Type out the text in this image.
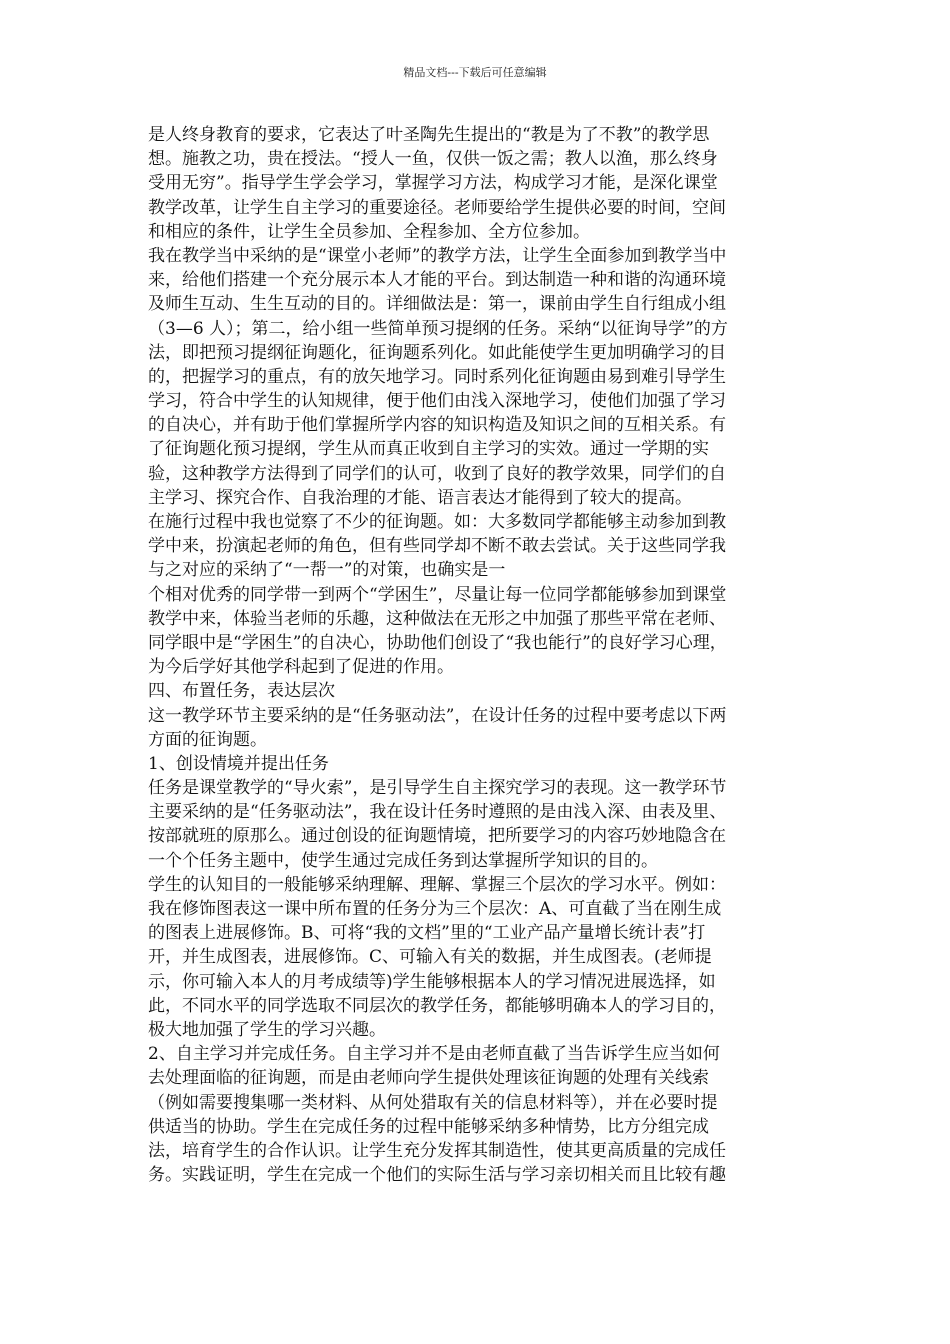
精品文档---下载后可任意编辑
是人终身教育的要求，它表达了叶圣陶先生提出的“教是为了不教”的教学思
想。施教之功，贵在授法。“授人一鱼，仅供一饭之需；教人以渔，那么终身
受用无穷”。指导学生学会学习，掌握学习方法，构成学习才能，是深化课堂
教学改革，让学生自主学习的重要途径。老师要给学生提供必要的时间，空间
和相应的条件，让学生全员参加、全程参加、全方位参加。
我在教学当中采纳的是“课堂小老师”的教学方法，让学生全面参加到教学当中
来，给他们搭建一个充分展示本人才能的平台。到达制造一种和谐的沟通环境
及师生互动、生生互动的目的。详细做法是：第一，课前由学生自行组成小组
（3—6 人）；第二，给小组一些简单预习提纲的任务。采纳“以征询导学”的方
法，即把预习提纲征询题化，征询题系列化。如此能使学生更加明确学习的目
的，把握学习的重点，有的放矢地学习。同时系列化征询题由易到难引导学生
学习，符合中学生的认知规律，便于他们由浅入深地学习，使他们加强了学习
的自决心，并有助于他们掌握所学内容的知识构造及知识之间的互相关系。有
了征询题化预习提纲，学生从而真正收到自主学习的实效。通过一学期的实
验，这种教学方法得到了同学们的认可，收到了良好的教学效果，同学们的自
主学习、探究合作、自我治理的才能、语言表达才能得到了较大的提高。
在施行过程中我也觉察了不少的征询题。如：大多数同学都能够主动参加到教
学中来，扮演起老师的角色，但有些同学却不断不敢去尝试。关于这些同学我
与之对应的采纳了“一帮一”的对策，也确实是一
个相对优秀的同学带一到两个“学困生”，尽量让每一位同学都能够参加到课堂
教学中来，体验当老师的乐趣，这种做法在无形之中加强了那些平常在老师、
同学眼中是“学困生”的自决心，协助他们创设了“我也能行”的良好学习心理，
为今后学好其他学科起到了促进的作用。
四、布置任务，表达层次
这一教学环节主要采纳的是“任务驱动法”，在设计任务的过程中要考虑以下两
方面的征询题。
1、创设情境并提出任务
任务是课堂教学的“导火索”，是引导学生自主探究学习的表现。这一教学环节
主要采纳的是“任务驱动法”，我在设计任务时遵照的是由浅入深、由表及里、
按部就班的原那么。通过创设的征询题情境，把所要学习的内容巧妙地隐含在
一个个任务主题中，使学生通过完成任务到达掌握所学知识的目的。
学生的认知目的一般能够采纳理解、理解、掌握三个层次的学习水平。例如：
我在修饰图表这一课中所布置的任务分为三个层次：A、可直截了当在刚生成
的图表上进展修饰。B、可将“我的文档”里的“工业产品产量增长统计表”打
开，并生成图表，进展修饰。C、可输入有关的数据，并生成图表。(老师提
示，你可输入本人的月考成绩等)学生能够根据本人的学习情况进展选择，如
此，不同水平的同学选取不同层次的教学任务，都能够明确本人的学习目的，
极大地加强了学生的学习兴趣。
2、自主学习并完成任务。自主学习并不是由老师直截了当告诉学生应当如何
去处理面临的征询题，而是由老师向学生提供处理该征询题的处理有关线索
（例如需要搜集哪一类材料、从何处猎取有关的信息材料等），并在必要时提
供适当的协助。学生在完成任务的过程中能够采纳多种情势，比方分组完成
法，培育学生的合作认识。让学生充分发挥其制造性，使其更高质量的完成任
务。实践证明，学生在完成一个他们的实际生活与学习亲切相关而且比较有趣
